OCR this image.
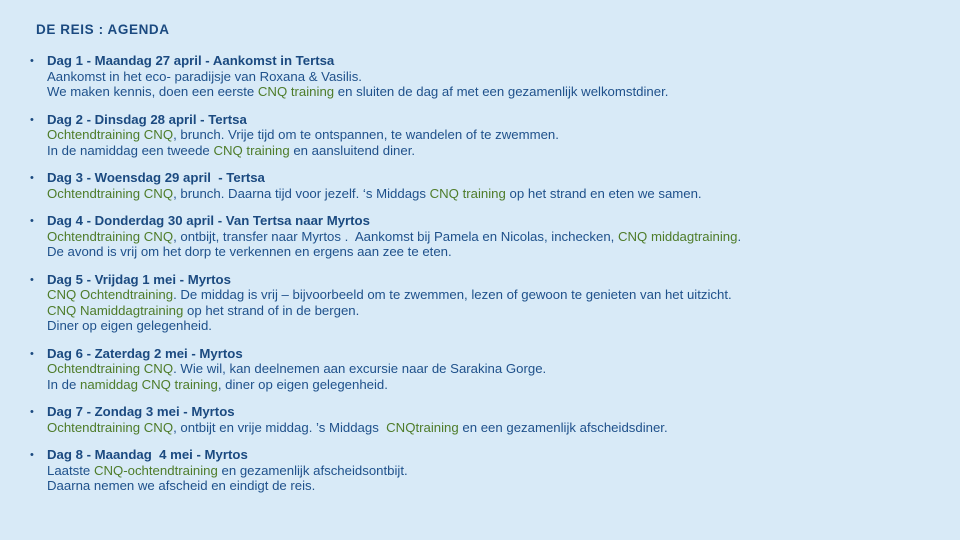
DE REIS : AGENDA
• Dag 1 - Maandag 27 april - Aankomst in Tertsa
Aankomst in het eco- paradijsje van Roxana & Vasilis.
We maken kennis, doen een eerste CNQ training en sluiten de dag af met een gezamenlijk welkomstdiner.
• Dag 2 - Dinsdag 28 april - Tertsa
Ochtendtraining CNQ, brunch. Vrije tijd om te ontspannen, te wandelen of te zwemmen.
In de namiddag een tweede CNQ training en aansluitend diner.
• Dag 3 - Woensdag 29 april  - Tertsa
Ochtendtraining CNQ, brunch. Daarna tijd voor jezelf. ‘s Middags CNQ training op het strand en eten we samen.
• Dag 4 - Donderdag 30 april - Van Tertsa naar Myrtos
Ochtendtraining CNQ, ontbijt, transfer naar Myrtos .  Aankomst bij Pamela en Nicolas, inchecken, CNQ middagtraining.
De avond is vrij om het dorp te verkennen en ergens aan zee te eten.
• Dag 5 - Vrijdag 1 mei - Myrtos
CNQ Ochtendtraining. De middag is vrij – bijvoorbeeld om te zwemmen, lezen of gewoon te genieten van het uitzicht.
CNQ Namiddagtraining op het strand of in de bergen.
Diner op eigen gelegenheid.
• Dag 6 - Zaterdag 2 mei - Myrtos
Ochtendtraining CNQ. Wie wil, kan deelnemen aan excursie naar de Sarakina Gorge.
In de namiddag CNQ training, diner op eigen gelegenheid.
• Dag 7 - Zondag 3 mei - Myrtos
Ochtendtraining CNQ, ontbijt en vrije middag. ’s Middags  CNQtraining en een gezamenlijk afscheidsdiner.
• Dag 8 - Maandag  4 mei - Myrtos
Laatste CNQ-ochtendtraining en gezamenlijk afscheidsontbijt.
Daarna nemen we afscheid en eindigt de reis.
